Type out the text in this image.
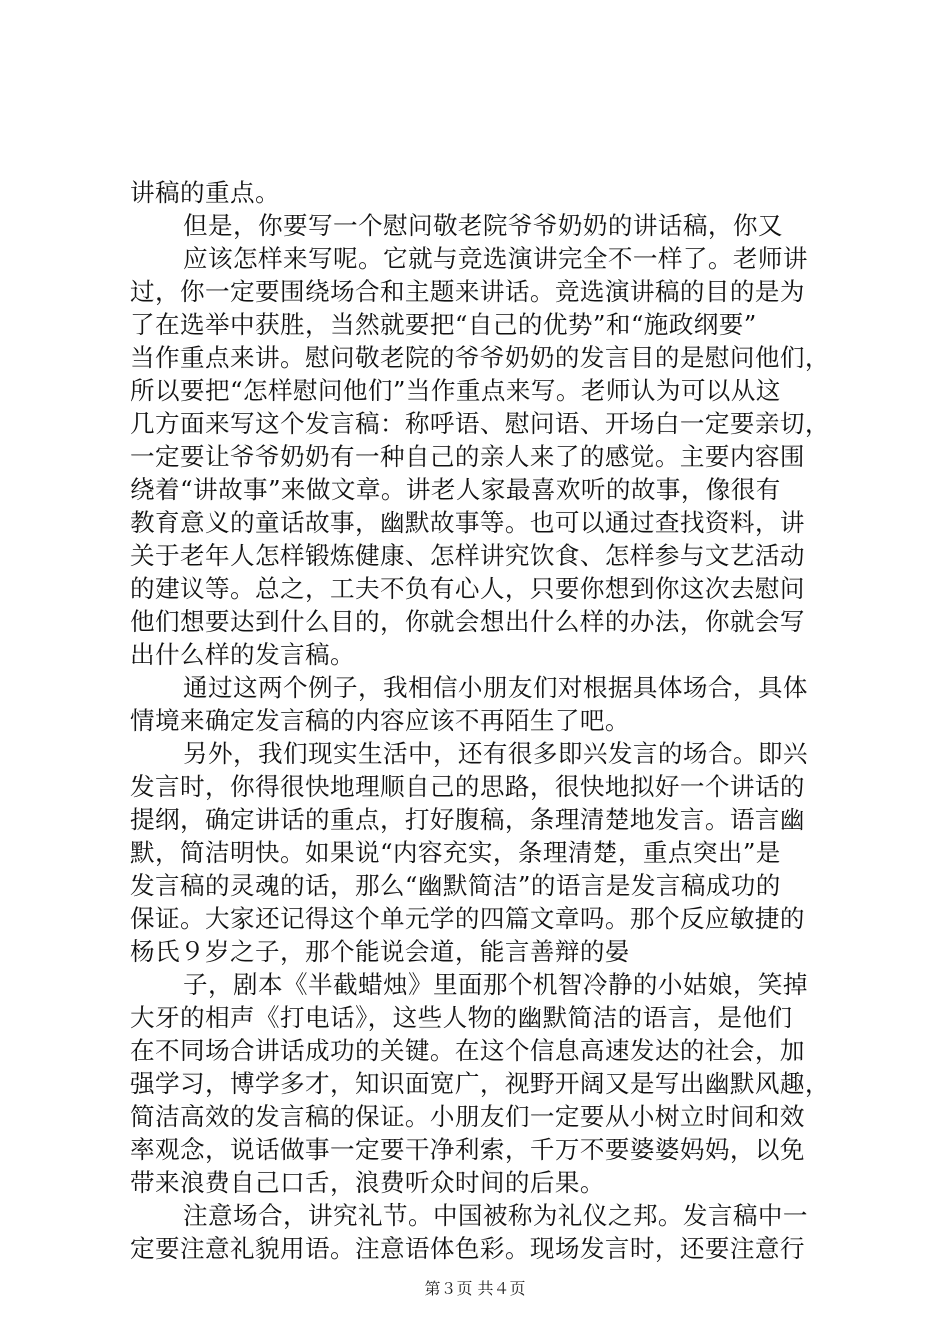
讲稿的重点。
但是，你要写一个慰问敬老院爷爷奶奶的讲话稿，你又
应该怎样来写呢。它就与竞选演讲完全不一样了。老师讲
过，你一定要围绕场合和主题来讲话。竞选演讲稿的目的是为
了在选举中获胜，当然就要把“自己的优势”和“施政纲要”
当作重点来讲。慰问敬老院的爷爷奶奶的发言目的是慰问他们，
所以要把“怎样慰问他们”当作重点来写。老师认为可以从这
几方面来写这个发言稿：称呼语、慰问语、开场白一定要亲切，
一定要让爷爷奶奶有一种自己的亲人来了的感觉。主要内容围
绕着“讲故事”来做文章。讲老人家最喜欢听的故事，像很有
教育意义的童话故事，幽默故事等。也可以通过查找资料，讲
关于老年人怎样锻炼健康、怎样讲究饮食、怎样参与文艺活动
的建议等。总之，工夫不负有心人，只要你想到你这次去慰问
他们想要达到什么目的，你就会想出什么样的办法，你就会写
出什么样的发言稿。
通过这两个例子，我相信小朋友们对根据具体场合，具体
情境来确定发言稿的内容应该不再陌生了吧。
另外，我们现实生活中，还有很多即兴发言的场合。即兴
发言时，你得很快地理顺自己的思路，很快地拟好一个讲话的
提纲，确定讲话的重点，打好腹稿，条理清楚地发言。语言幽
默，简洁明快。如果说“内容充实，条理清楚，重点突出”是
发言稿的灵魂的话，那么“幽默简洁”的语言是发言稿成功的
保证。大家还记得这个单元学的四篇文章吗。那个反应敏捷的
杨氏９岁之子，那个能说会道，能言善辩的晏
子，剧本《半截蜡烛》里面那个机智冷静的小姑娘，笑掉
大牙的相声《打电话》，这些人物的幽默简洁的语言，是他们
在不同场合讲话成功的关键。在这个信息高速发达的社会，加
强学习，博学多才，知识面宽广，视野开阔又是写出幽默风趣，
简洁高效的发言稿的保证。小朋友们一定要从小树立时间和效
率观念，说话做事一定要干净利索，千万不要婆婆妈妈，以免
带来浪费自己口舌，浪费听众时间的后果。
注意场合，讲究礼节。中国被称为礼仪之邦。发言稿中一
定要注意礼貌用语。注意语体色彩。现场发言时，还要注意行
第３页 共４页
